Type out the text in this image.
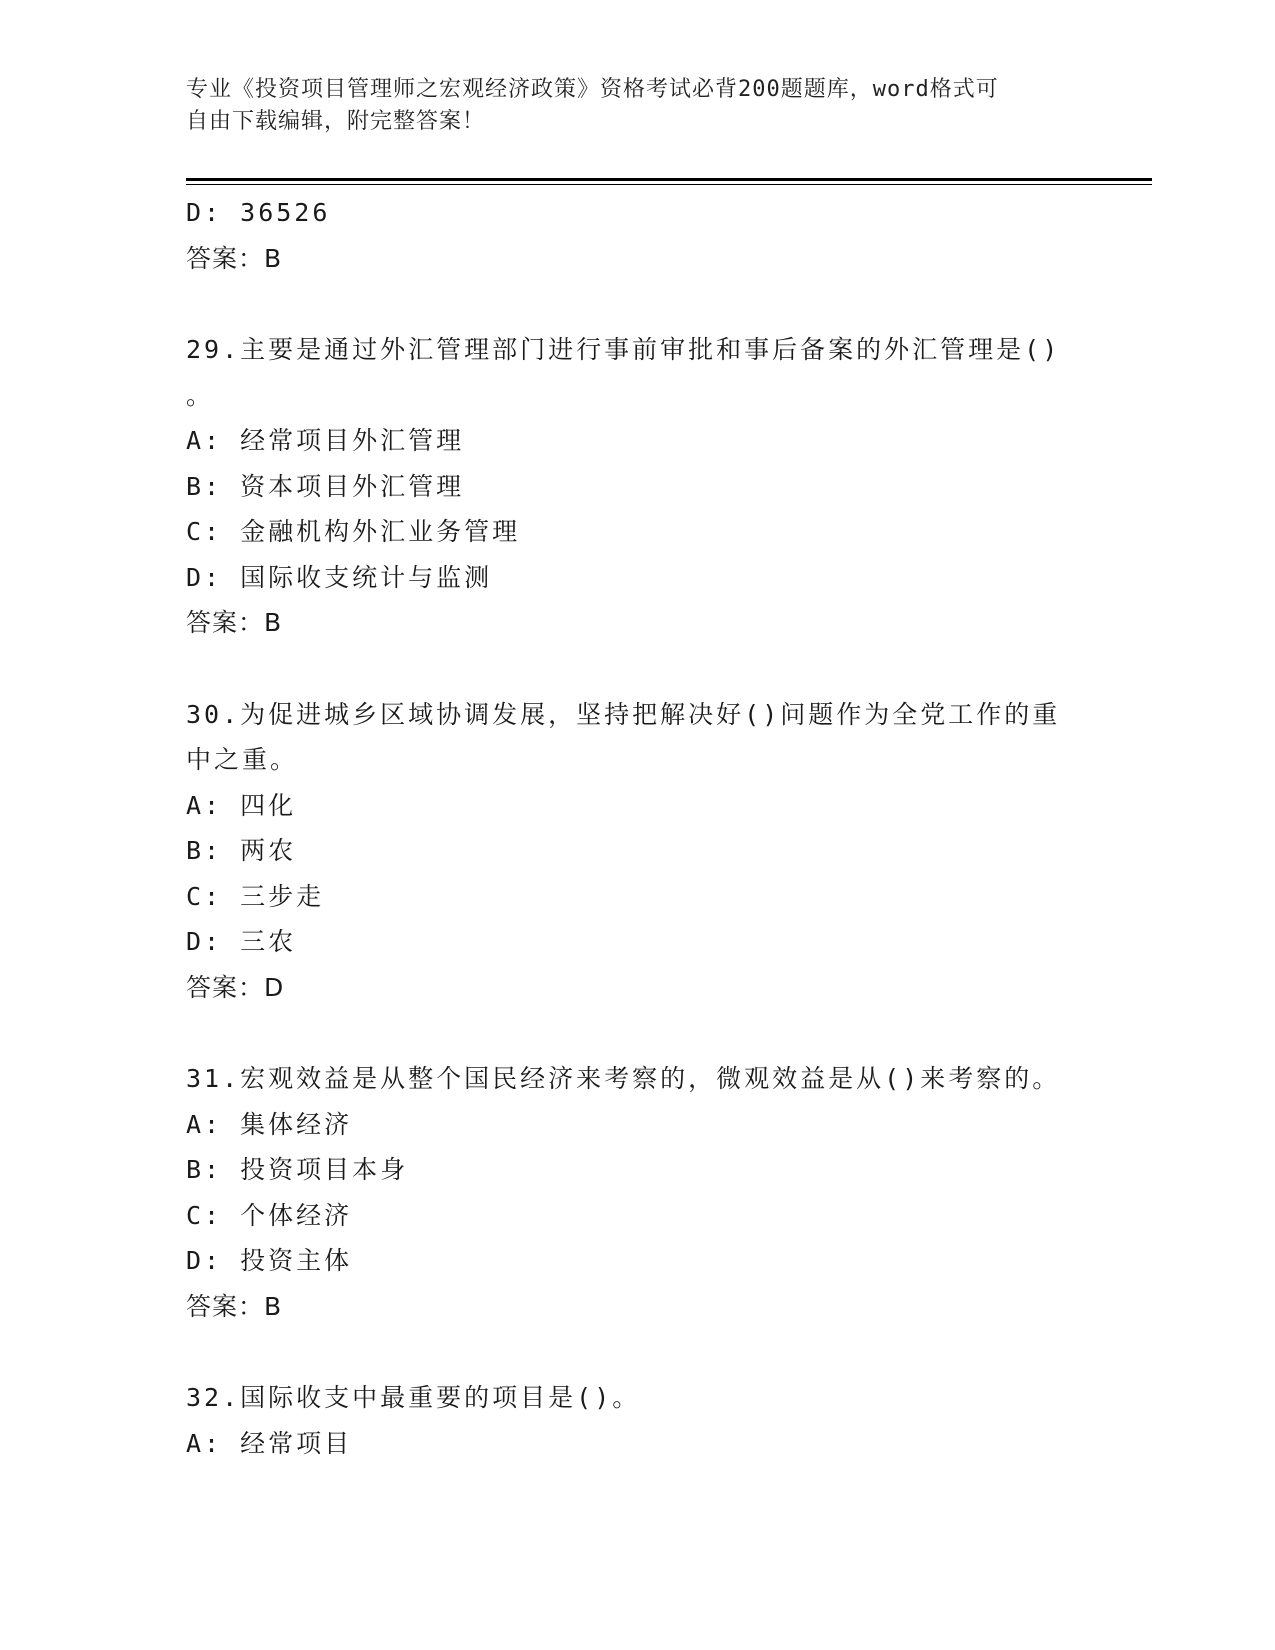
专业《投资项目管理师之宏观经济政策》资格考试必背200题题库，word格式可
自由下载编辑，附完整答案！
D: 36526
答案：B
29.主要是通过外汇管理部门进行事前审批和事后备案的外汇管理是()
。
A: 经常项目外汇管理
B: 资本项目外汇管理
C: 金融机构外汇业务管理
D: 国际收支统计与监测
答案：B
30.为促进城乡区域协调发展，坚持把解决好()问题作为全党工作的重
中之重。
A: 四化
B: 两农
C: 三步走
D: 三农
答案：D
31.宏观效益是从整个国民经济来考察的，微观效益是从()来考察的。
A: 集体经济
B: 投资项目本身
C: 个体经济
D: 投资主体
答案：B
32.国际收支中最重要的项目是()。
A: 经常项目
